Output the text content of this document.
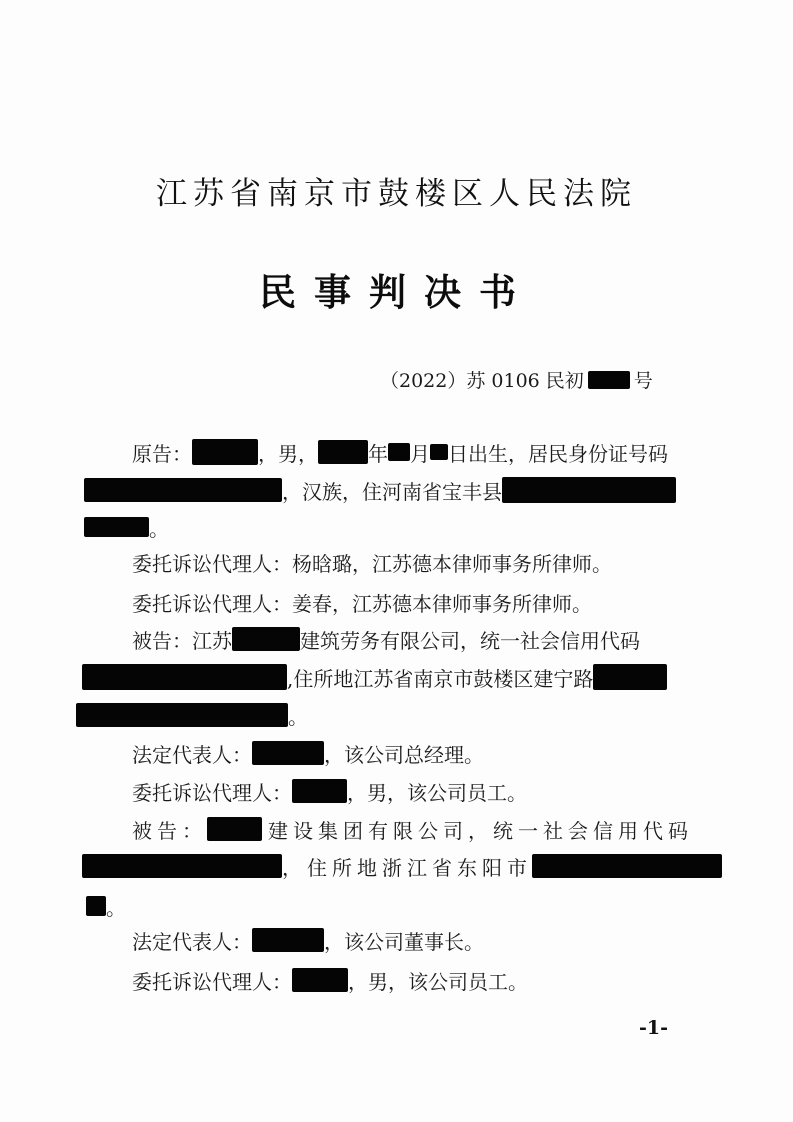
江苏省南京市鼓楼区人民法院
民事判决书
（2022）苏 0106 民初	号
原告：	，男，	年 月 日出生，居民身份证号码
，汉族，住河南省宝丰县
。
委托诉讼代理人：杨晗璐，江苏德本律师事务所律师。
委托诉讼代理人：姜春，江苏德本律师事务所律师。
被告：江苏	建筑劳务有限公司，统一社会信用代码
,住所地江苏省南京市鼓楼区建宁路
。
法定代表人：	，该公司总经理。
委托诉讼代理人：	，男，该公司员工。
被告：	建设集团有限公司，统一社会信用代码
，住所地浙江省东阳市
。
法定代表人：	，该公司董事长。
委托诉讼代理人：	，男，该公司员工。
-1-
